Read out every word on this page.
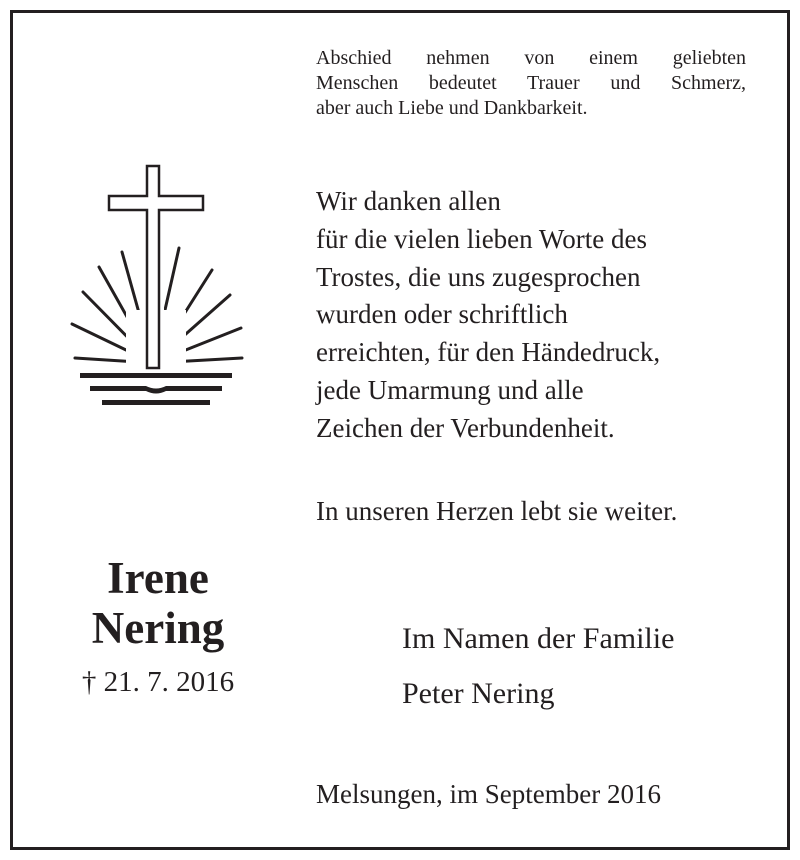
Abschied nehmen von einem geliebten
Menschen bedeutet Trauer und Schmerz,
aber auch Liebe und Dankbarkeit.
Wir danken allen
für die vielen lieben Worte des
Trostes, die uns zugesprochen
wurden oder schriftlich
erreichten, für den Händedruck,
jede Umarmung und alle
Zeichen der Verbundenheit.
In unseren Herzen lebt sie weiter.
Irene
Nering
† 21. 7. 2016
Im Namen der Familie
Peter Nering
Melsungen, im September 2016
